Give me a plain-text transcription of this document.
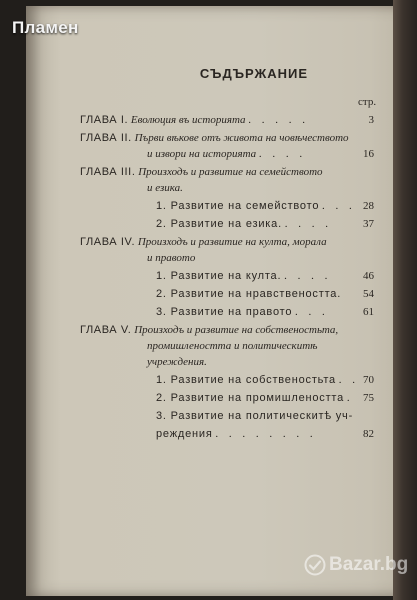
Пламен
СЪДЪРЖАНИЕ
стр.
ГЛАВА I. Еволюция въ историята . . . . .	3
ГЛАВА II. Първи вѣкове отъ живота на човѣчеството
и извори на историята . . . .	16
ГЛАВА III. Произходъ и развитие на семейството
и езика.
1. Развитие на семейството . . . 28
2. Развитие на езика. . . . .	37
ГЛАВА IV. Произходъ и развитие на култа, морала
и правото
1. Развитие на култа. . . . .	46
2. Развитие на нравствеността. 54
3. Развитие на правото . . .	61
ГЛАВА V. Произходъ и развитие на собственостьта,
промишлеността и политическитѣ
учреждения.
1. Развитие на собственостьта . . 70
2. Развитие на промишлеността . 75
3. Развитие на политическитѣ уч-
реждения . . . . . . . .	82
Bazar.bg
